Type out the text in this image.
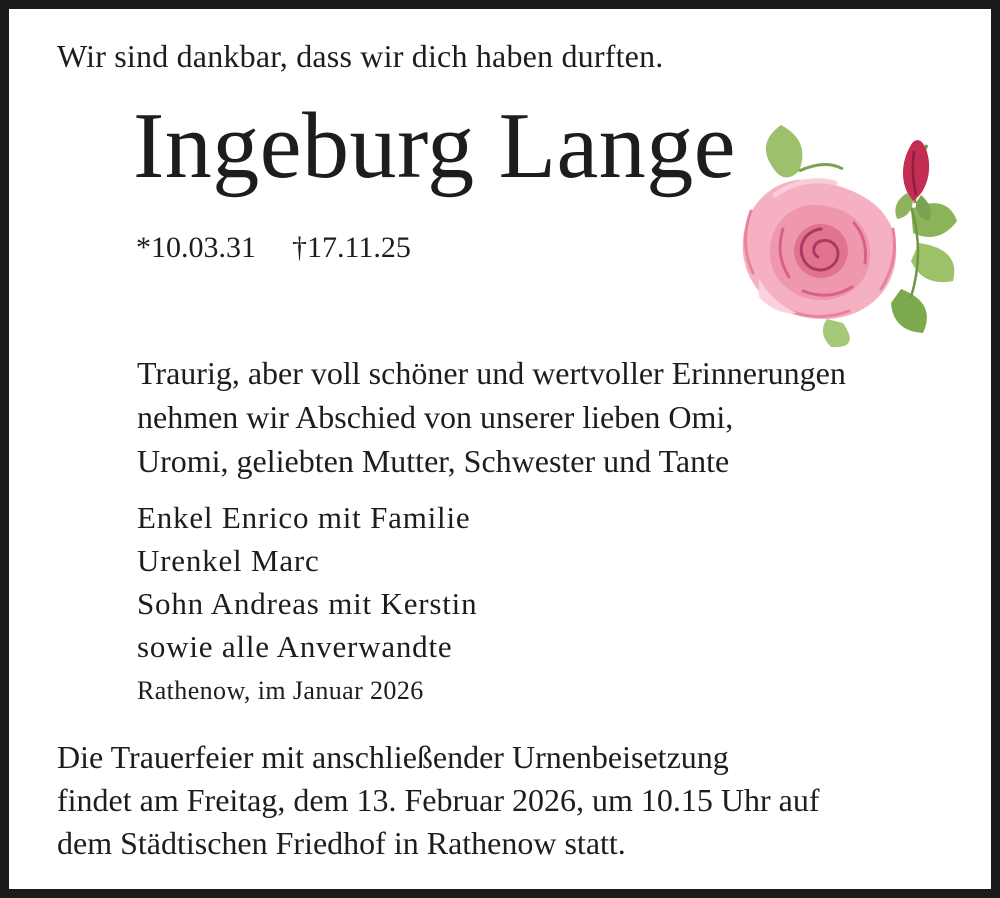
Wir sind dankbar, dass wir dich haben durften.
Ingeburg Lange
*10.03.31 †17.11.25
Traurig, aber voll schöner und wertvoller Erinnerungen
nehmen wir Abschied von unserer lieben Omi,
Uromi, geliebten Mutter, Schwester und Tante
Enkel Enrico mit Familie
Urenkel Marc
Sohn Andreas mit Kerstin
sowie alle Anverwandte
Rathenow, im Januar 2026
Die Trauerfeier mit anschließender Urnenbeisetzung
findet am Freitag, dem 13. Februar 2026, um 10.15 Uhr auf
dem Städtischen Friedhof in Rathenow statt.
